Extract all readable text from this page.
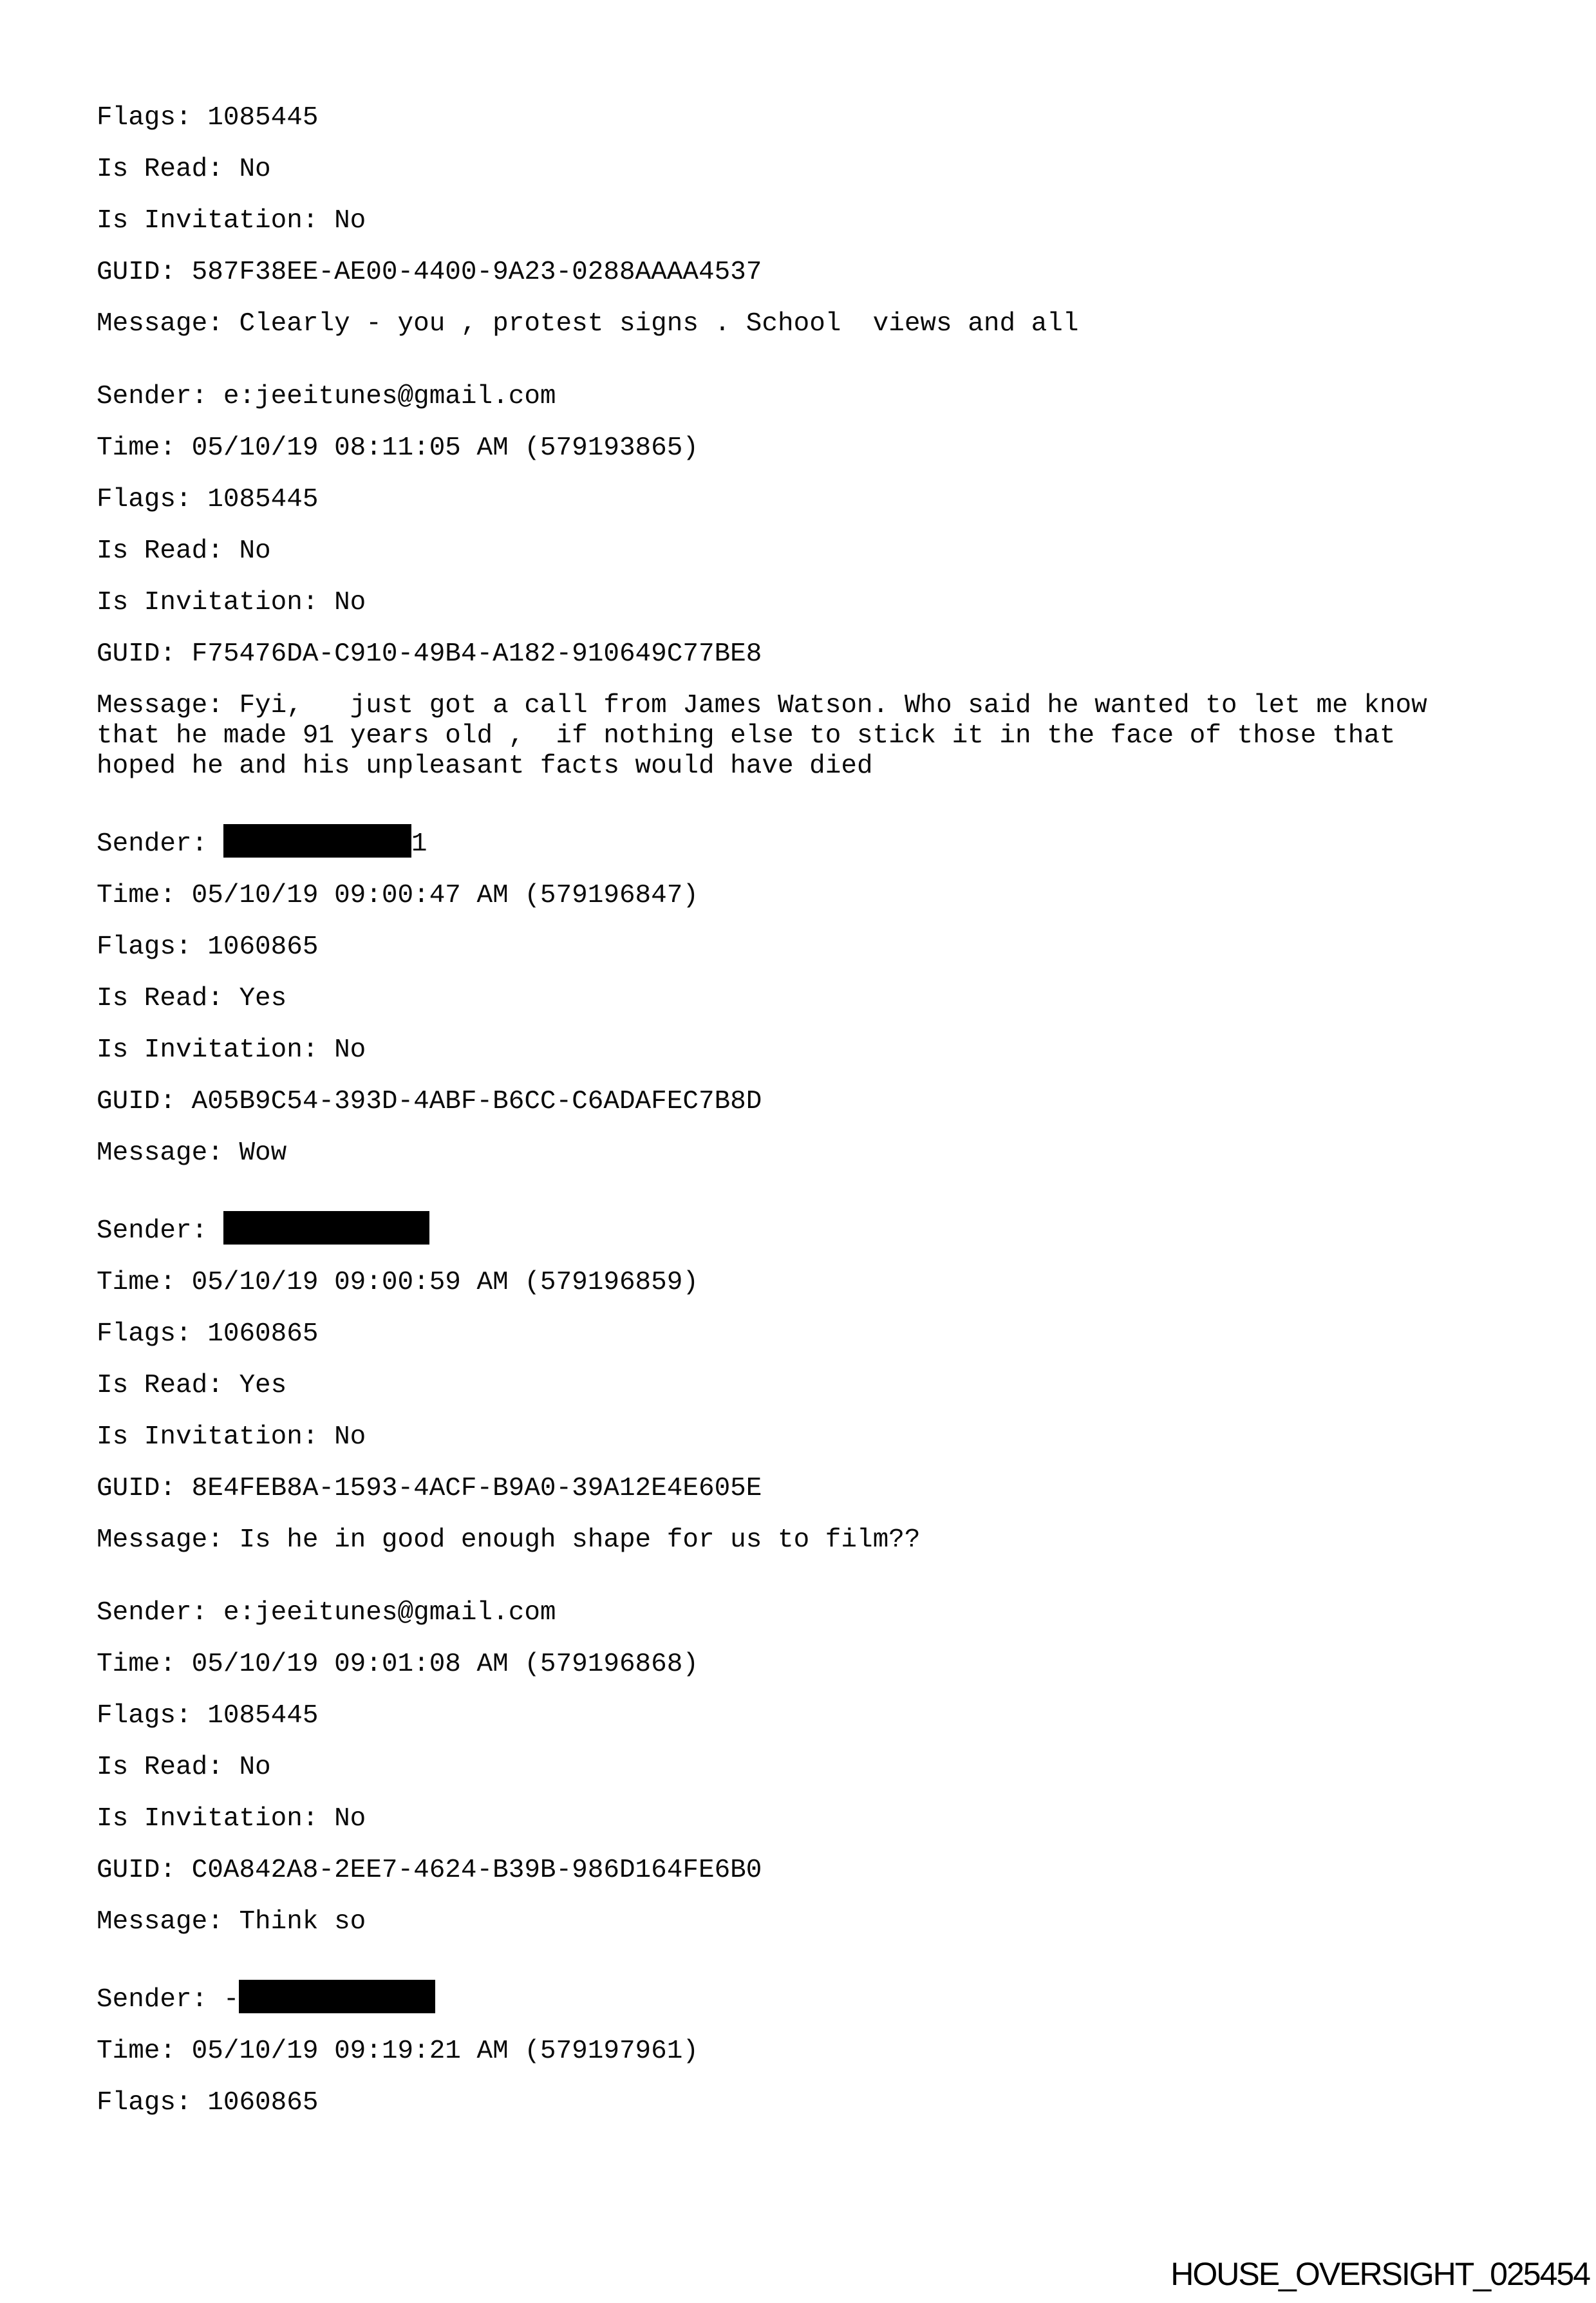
Flags: 1085445

Is Read: No

Is Invitation: No

GUID: 587F38EE-AE00-4400-9A23-0288AAAA4537

Message: Clearly - you , protest signs . School  views and all

Sender: e:jeeitunes@gmail.com

Time: 05/10/19 08:11:05 AM (579193865)

Flags: 1085445

Is Read: No

Is Invitation: No

GUID: F75476DA-C910-49B4-A182-910649C77BE8

Message: Fyi,   just got a call from James Watson. Who said he wanted to let me know that he made 91 years old ,  if nothing else to stick it in the face of those that hoped he and his unpleasant facts would have died

Sender:	1

Time: 05/10/19 09:00:47 AM (579196847)

Flags: 1060865

Is Read: Yes

Is Invitation: No

GUID: A05B9C54-393D-4ABF-B6CC-C6ADAFEC7B8D

Message: Wow

Sender:

Time: 05/10/19 09:00:59 AM (579196859)

Flags: 1060865

Is Read: Yes

Is Invitation: No

GUID: 8E4FEB8A-1593-4ACF-B9A0-39A12E4E605E

Message: Is he in good enough shape for us to film??

Sender: e:jeeitunes@gmail.com

Time: 05/10/19 09:01:08 AM (579196868)

Flags: 1085445

Is Read: No

Is Invitation: No

GUID: C0A842A8-2EE7-4624-B39B-986D164FE6B0

Message: Think so

Sender: -

Time: 05/10/19 09:19:21 AM (579197961)

Flags: 1060865

HOUSE_OVERSIGHT_025454
